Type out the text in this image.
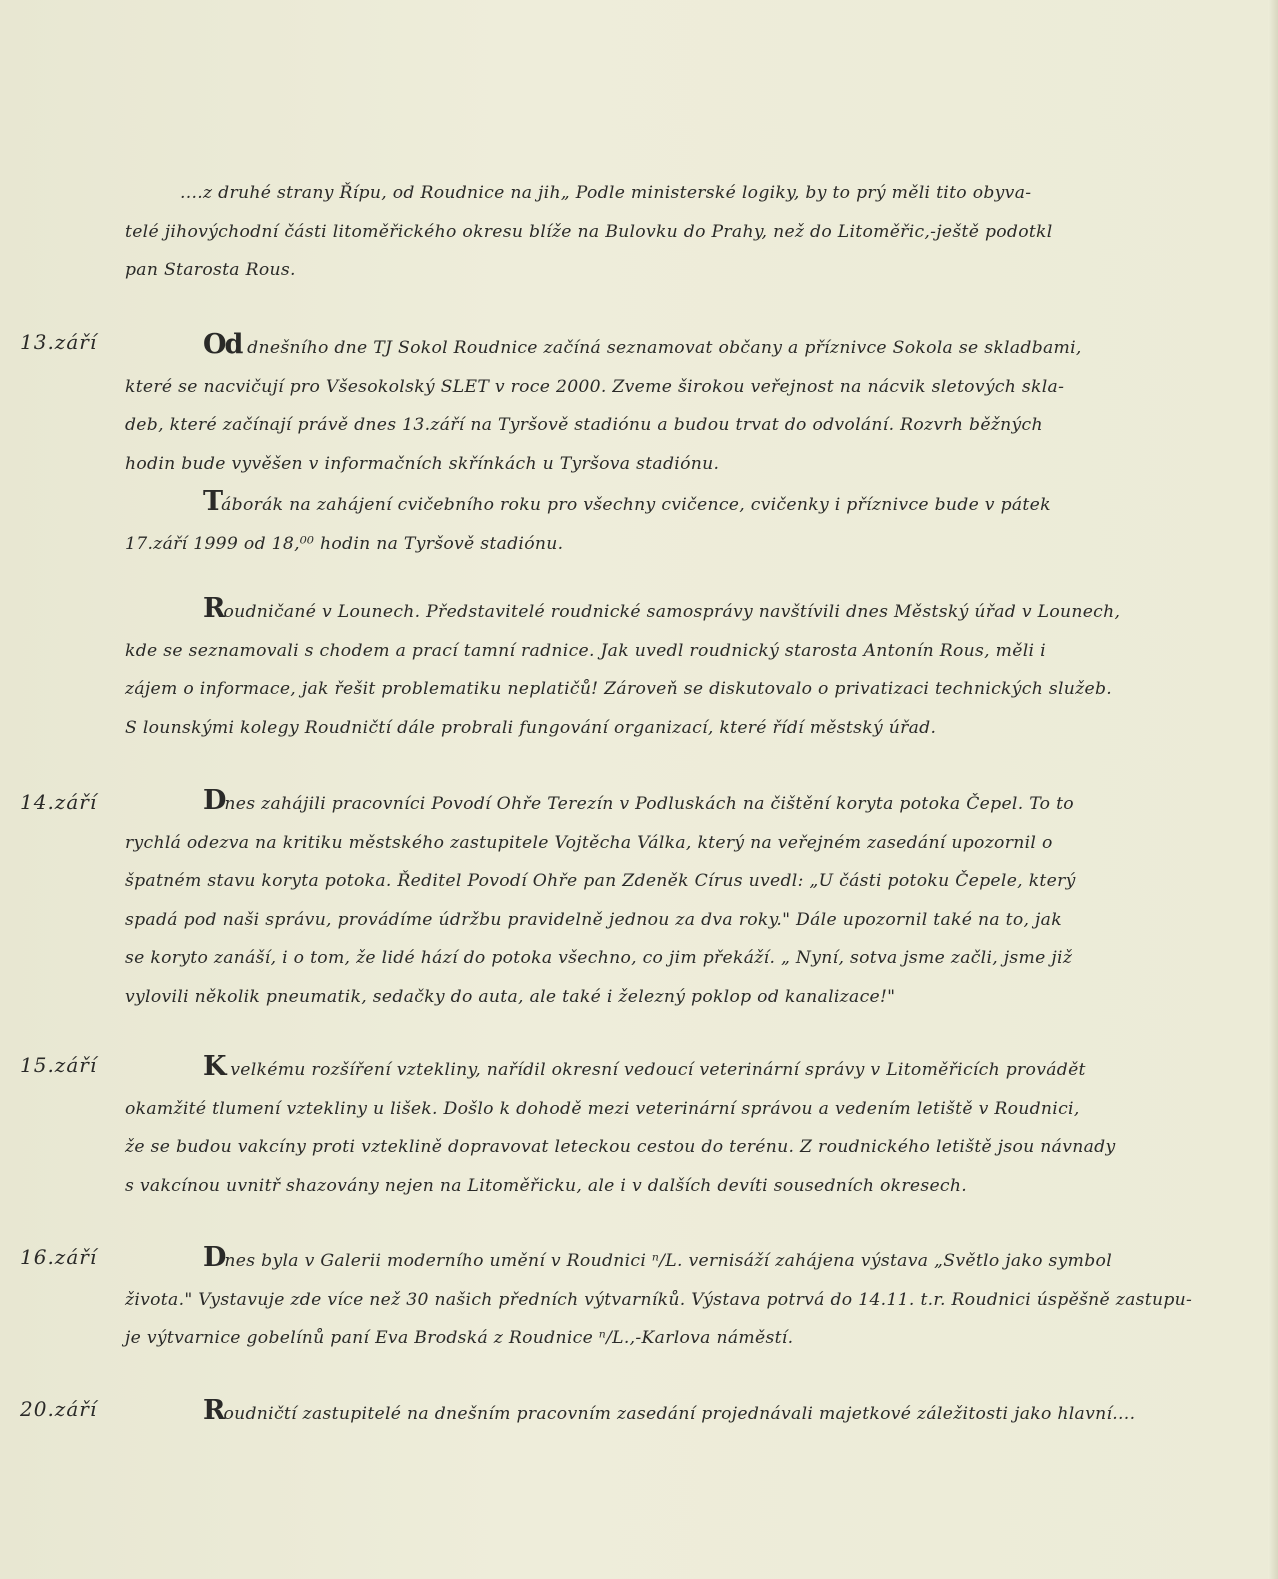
....z druhé strany Řípu, od Roudnice na jih„ Podle ministerské logiky, by to prý měli tito obyva-
telé jihovýchodní části litoměřického okresu blíže na Bulovku do Prahy, než do Litoměřic,-ještě podotkl
pan Starosta Rous.
13.září	Od dnešního dne TJ Sokol Roudnice začíná seznamovat občany a příznivce Sokola se skladbami,
které se nacvičují pro Všesokolský SLET v roce 2000. Zveme širokou veřejnost na nácvik sletových skla-
deb, které začínají právě dnes 13.září na Tyršově stadiónu a budou trvat do odvolání. Rozvrh běžných
hodin bude vyvěšen v informačních skřínkách u Tyršova stadiónu.
Táborák na zahájení cvičebního roku pro všechny cvičence, cvičenky i příznivce bude v pátek
17.září 1999 od 18,⁰⁰ hodin na Tyršově stadiónu.
Roudničané v Lounech. Představitelé roudnické samosprávy navštívili dnes Městský úřad v Lounech,
kde se seznamovali s chodem a prací tamní radnice. Jak uvedl roudnický starosta Antonín Rous, měli i
zájem o informace, jak řešit problematiku neplatičů! Zároveň se diskutovalo o privatizaci technických služeb.
S lounskými kolegy Roudničtí dále probrali fungování organizací, které řídí městský úřad.
14.září	Dnes zahájili pracovníci Povodí Ohře Terezín v Podluskách na čištění koryta potoka Čepel. To to
rychlá odezva na kritiku městského zastupitele Vojtěcha Válka, který na veřejném zasedání upozornil o
špatném stavu koryta potoka. Ředitel Povodí Ohře pan Zdeněk Círus uvedl: „U části potoku Čepele, který
spadá pod naši správu, provádíme údržbu pravidelně jednou za dva roky." Dále upozornil také na to, jak
se koryto zanáší, i o tom, že lidé hází do potoka všechno, co jim překáží. „ Nyní, sotva jsme začli, jsme již
vylovili několik pneumatik, sedačky do auta, ale také i železný poklop od kanalizace!"
15.září	K velkému rozšíření vztekliny, nařídil okresní vedoucí veterinární správy v Litoměřicích provádět
okamžité tlumení vztekliny u lišek. Došlo k dohodě mezi veterinární správou a vedením letiště v Roudnici,
že se budou vakcíny proti vzteklině dopravovat leteckou cestou do terénu. Z roudnického letiště jsou návnady
s vakcínou uvnitř shazovány nejen na Litoměřicku, ale i v dalších devíti sousedních okresech.
16.září	Dnes byla v Galerii moderního umění v Roudnici ⁿ/L. vernisáží zahájena výstava „Světlo jako symbol
života." Vystavuje zde více než 30 našich předních výtvarníků. Výstava potrvá do 14.11. t.r. Roudnici úspěšně zastupu-
je výtvarnice gobelínů paní Eva Brodská z Roudnice ⁿ/L.,-Karlova náměstí.
20.září	Roudničtí zastupitelé na dnešním pracovním zasedání projednávali majetkové záležitosti jako hlavní....
